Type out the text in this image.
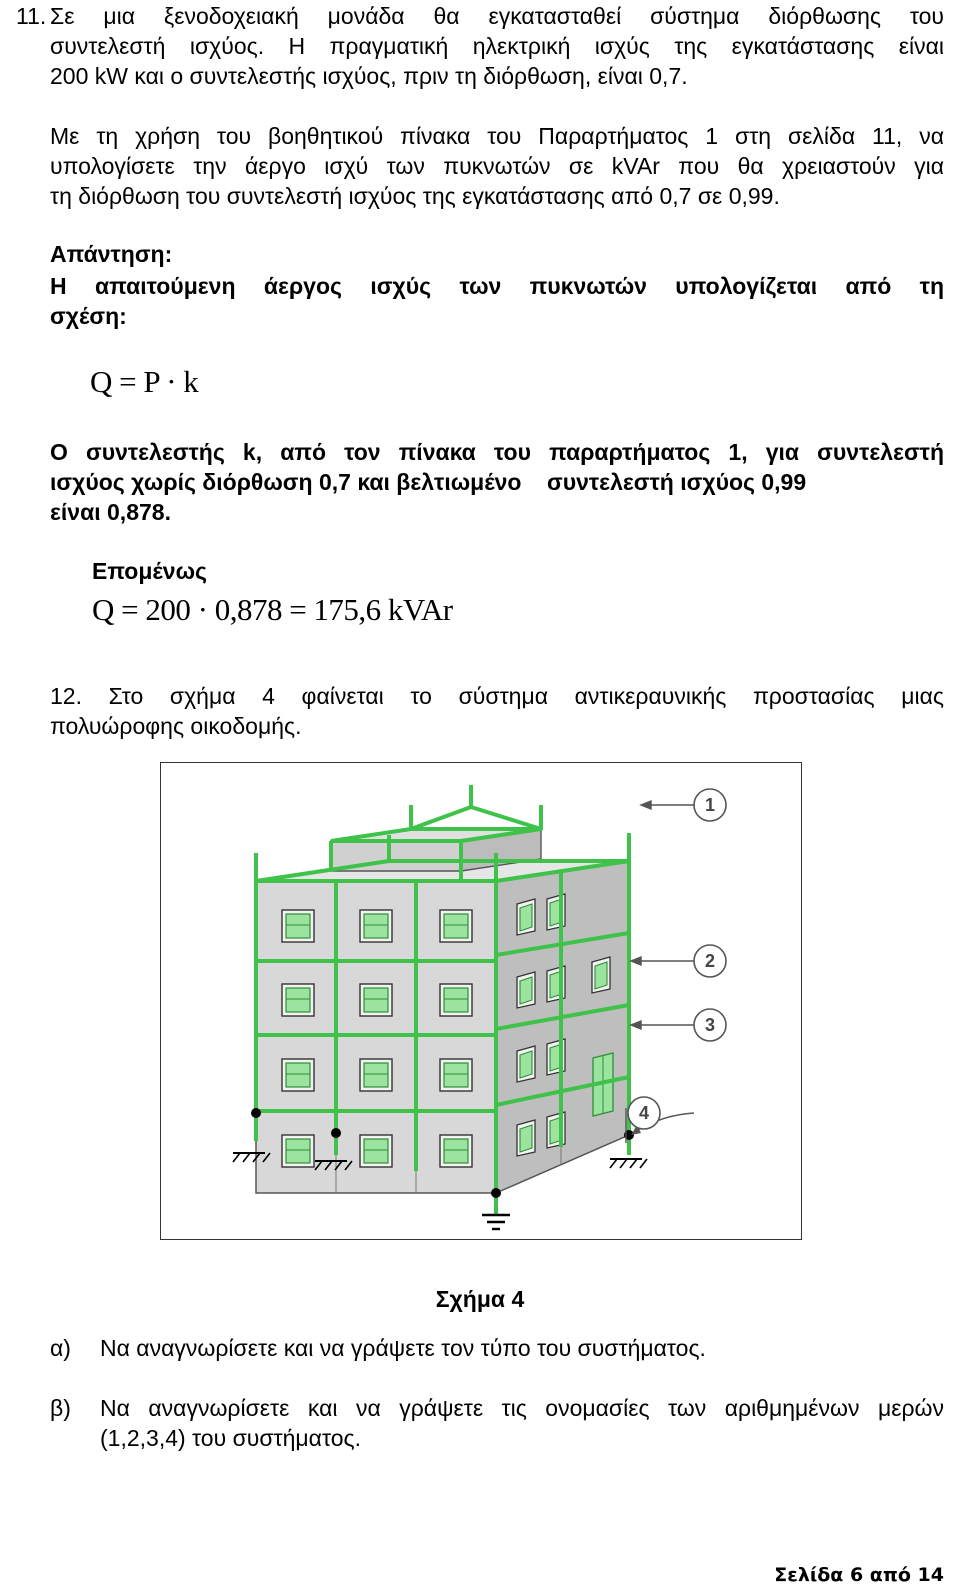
11. Σε μια ξενοδοχειακή μονάδα θα εγκατασταθεί σύστημα διόρθωσης του
συντελεστή ισχύος. Η πραγματική ηλεκτρική ισχύς της εγκατάστασης είναι
200 kW και ο συντελεστής ισχύος, πριν τη διόρθωση, είναι 0,7.
Με τη χρήση του βοηθητικού πίνακα του Παραρτήματος 1 στη σελίδα 11, να
υπολογίσετε την άεργο ισχύ των πυκνωτών σε kVAr που θα χρειαστούν για
τη διόρθωση του συντελεστή ισχύος της εγκατάστασης από 0,7 σε 0,99.
Απάντηση:
Η απαιτούμενη άεργος ισχύς των πυκνωτών υπολογίζεται από τη
σχέση:
Q = P · k
Ο συντελεστής k, από τον πίνακα του παραρτήματος 1, για συντελεστή
ισχύος χωρίς διόρθωση 0,7 και βελτιωμένο    συντελεστή ισχύος 0,99
είναι 0,878.
Επομένως
Q = 200 · 0,878 = 175,6 kVAr
12. Στο σχήμα 4 φαίνεται το σύστημα αντικεραυνικής προστασίας μιας
πολυώροφης οικοδομής.
1
2
3
4
Σχήμα 4
α) Να αναγνωρίσετε και να γράψετε τον τύπο του συστήματος.
β) Να αναγνωρίσετε και να γράψετε τις ονομασίες των αριθμημένων μερών
(1,2,3,4) του συστήματος.
Σελίδα 6 από 14
